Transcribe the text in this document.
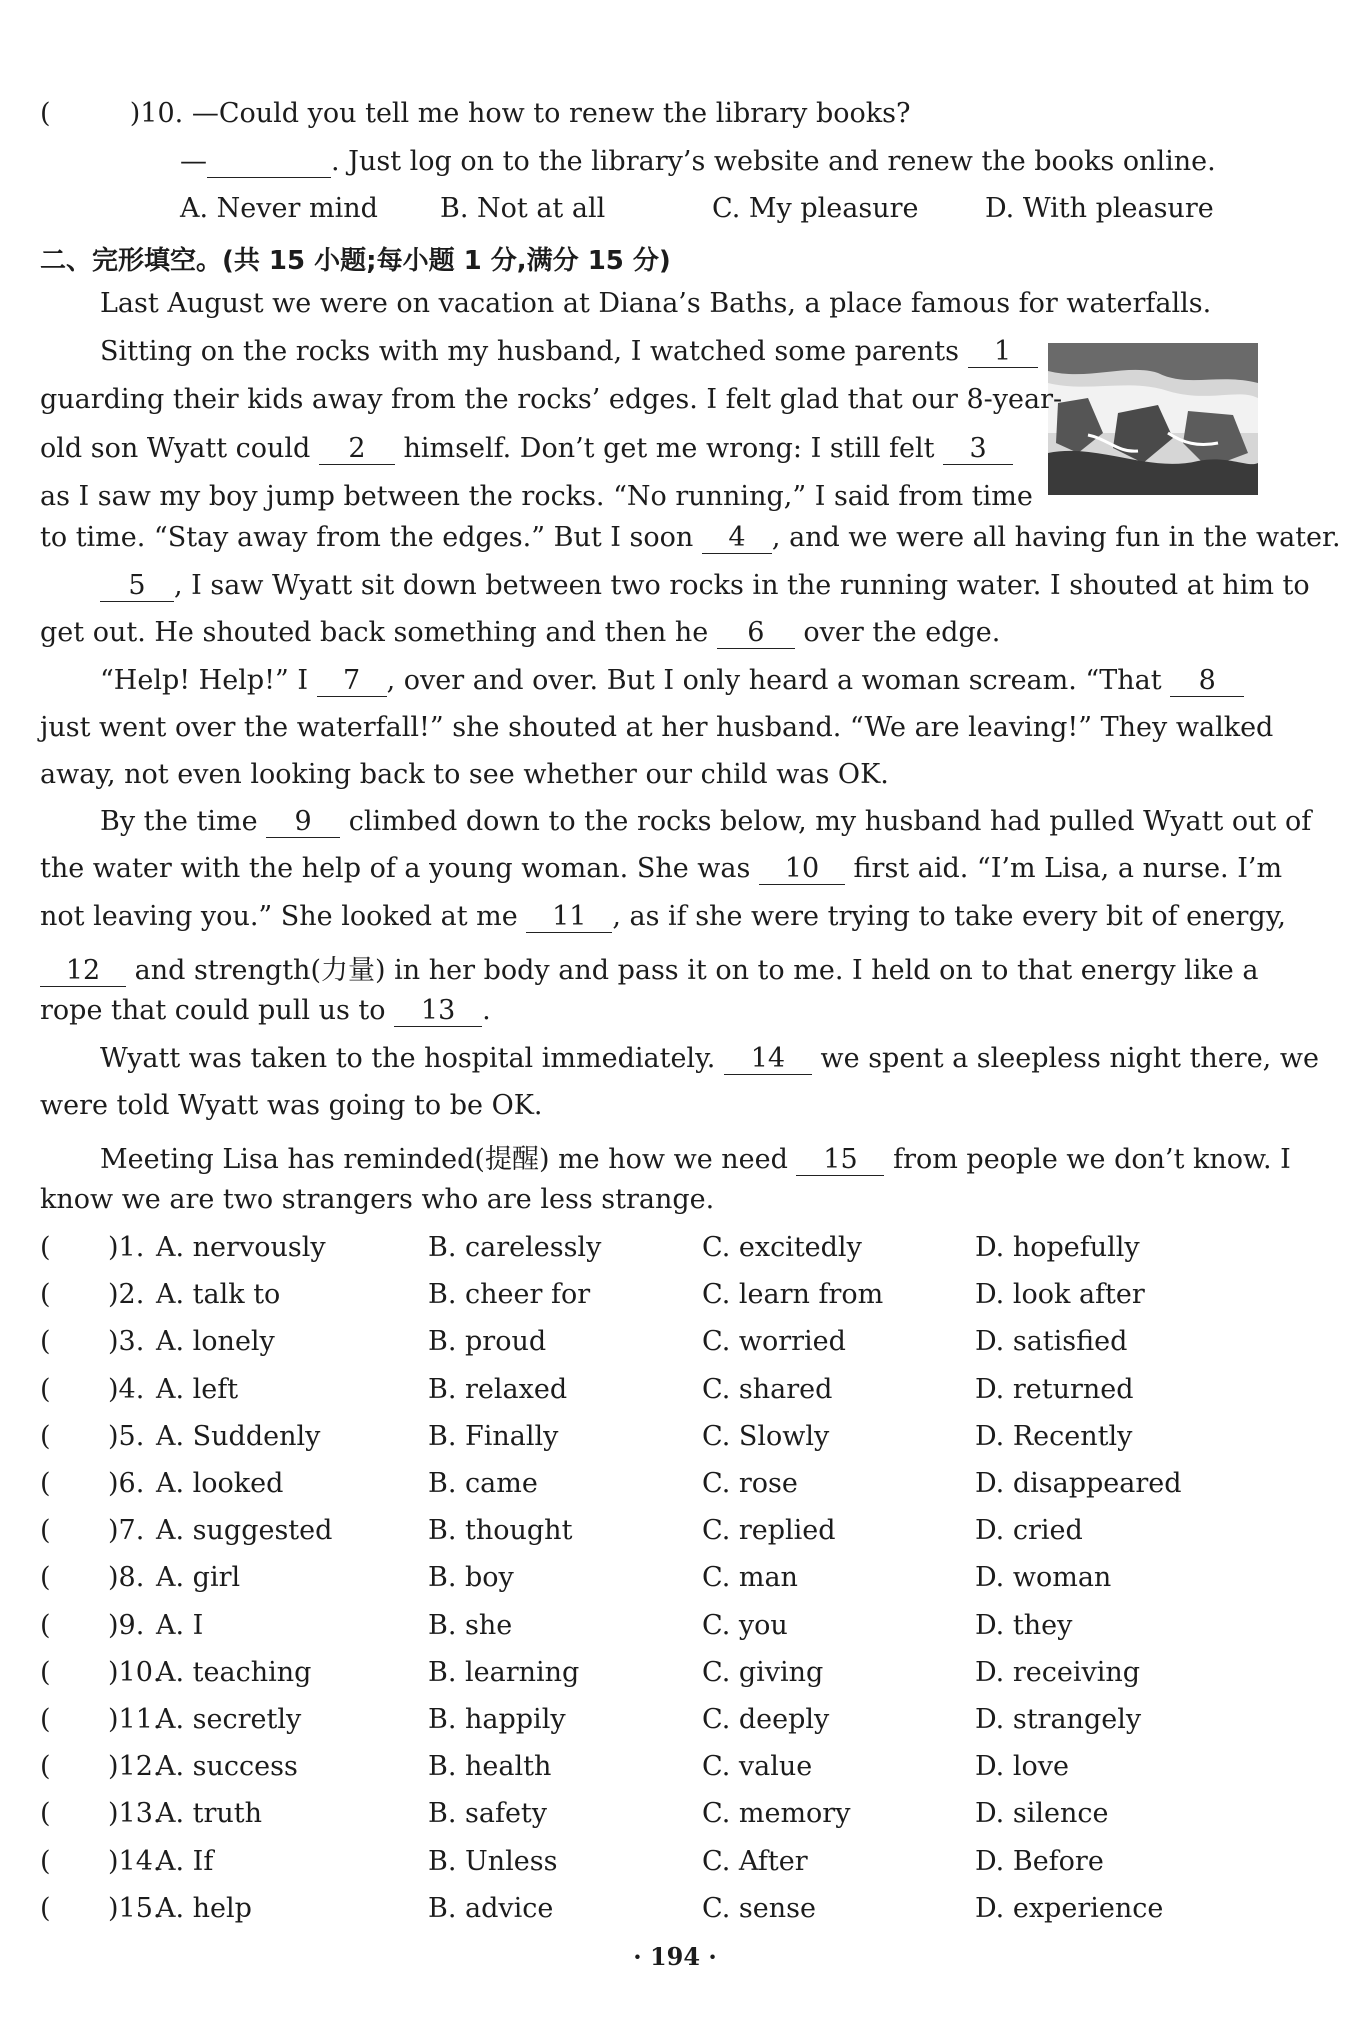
(	)10. —Could you tell me how to renew the library books?
—	. Just log on to the library’s website and renew the books online.
A. Never mind B. Not at all	C. My pleasure D. With pleasure
二、完形填空。(共 15 小题;每小题 1 分,满分 15 分)
Last August we were on vacation at Diana’s Baths, a place famous for waterfalls.
Sitting on the rocks with my husband, I watched some parents 1
guarding their kids away from the rocks’ edges. I felt glad that our 8-year-
old son Wyatt could 2 himself. Don’t get me wrong: I still felt 3
as I saw my boy jump between the rocks. “No running,” I said from time
to time. “Stay away from the edges.” But I soon 4 , and we were all having fun in the water.
5 , I saw Wyatt sit down between two rocks in the running water. I shouted at him to
get out. He shouted back something and then he 6 over the edge.
“Help! Help!” I 7 , over and over. But I only heard a woman scream. “That 8
just went over the waterfall!” she shouted at her husband. “We are leaving!” They walked
away, not even looking back to see whether our child was OK.
By the time 9 climbed down to the rocks below, my husband had pulled Wyatt out of
the water with the help of a young woman. She was 10 first aid. “I’m Lisa, a nurse. I’m
not leaving you.” She looked at me 11 , as if she were trying to take every bit of energy,
12 and strength(力量) in her body and pass it on to me. I held on to that energy like a
rope that could pull us to 13 .
Wyatt was taken to the hospital immediately. 14 we spent a sleepless night there, we
were told Wyatt was going to be OK.
Meeting Lisa has reminded(提醒) me how we need 15 from people we don’t know. I
know we are two strangers who are less strange.
( )1. A. nervously	B. carelessly	C. excitedly	D. hopefully
( )2. A. talk to	B. cheer for	C. learn from	D. look after
( )3. A. lonely	B. proud	C. worried	D. satisfied
( )4. A. left	B. relaxed	C. shared	D. returned
( )5. A. Suddenly	B. Finally	C. Slowly	D. Recently
( )6. A. looked	B. came	C. rose	D. disappeared
( )7. A. suggested	B. thought	C. replied	D. cried
( )8. A. girl	B. boy	C. man	D. woman
( )9. A. I	B. she	C. you	D. they
( )10.
A. teaching	B. learning	C. giving	D. receiving
( )11.
A. secretly	B. happily	C. deeply	D. strangely
( )12.
A. success	B. health	C. value	D. love
( )13.
A. truth	B. safety	C. memory	D. silence
( )14.
A. If	B. Unless	C. After	D. Before
( )15.
A. help	B. advice	C. sense	D. experience
· 194 ·
